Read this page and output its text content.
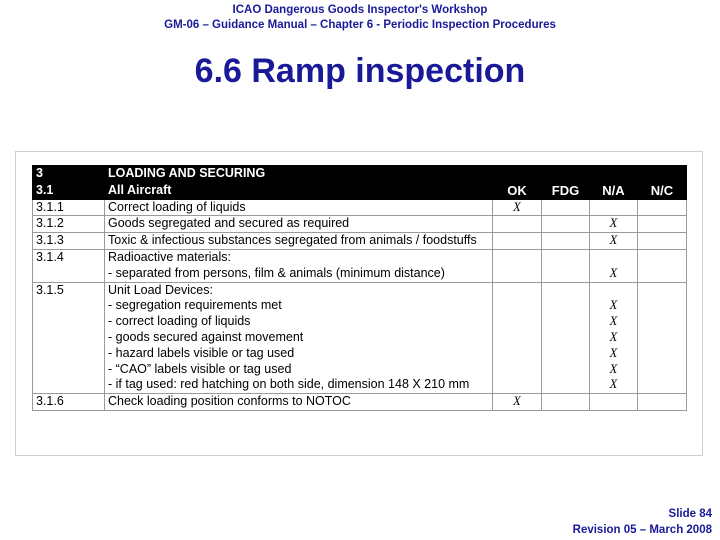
ICAO Dangerous Goods Inspector's Workshop
GM-06 – Guidance Manual – Chapter 6 - Periodic Inspection Procedures
6.6 Ramp inspection
3	LOADING AND SECURING				
3.1	All Aircraft	OK	FDG	N/A	N/C
3.1.1	Correct loading of liquids	X			
3.1.2	Goods segregated and secured as required			X	
3.1.3	Toxic & infectious substances segregated from animals / foodstuffs			X	
3.1.4	Radioactive materials:				
	- separated from persons, film & animals (minimum distance)			X	
3.1.5	Unit Load Devices:				
	- segregation requirements met			X	
	- correct loading of liquids			X	
	- goods secured against movement			X	
	- hazard labels visible or tag used			X	
	- “CAO” labels visible or tag used			X	
	- if tag used: red hatching on both side, dimension 148 X 210 mm			X	
3.1.6	Check loading position conforms to NOTOC	X			
Slide 84
Revision 05 – March 2008
